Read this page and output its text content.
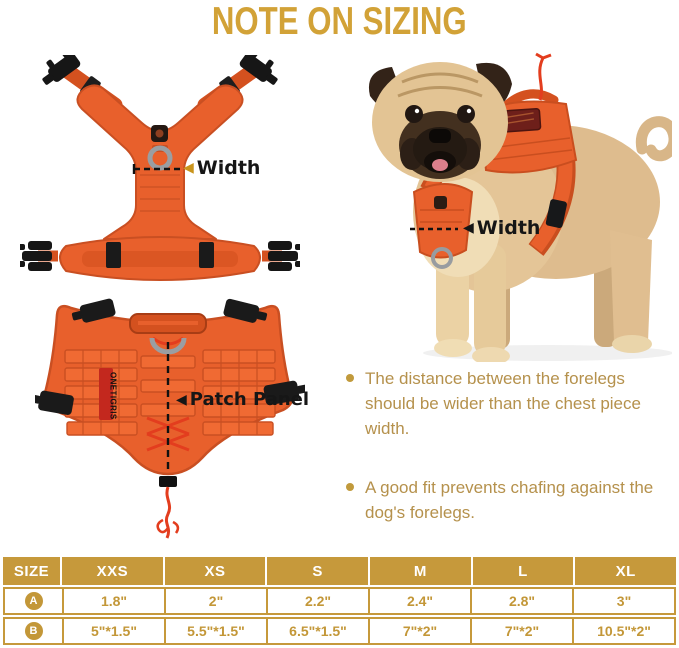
NOTE ON SIZING
ONETIGRIS
◀ Width
◀ Patch Panel
◀ Width
The distance between the forelegs should be wider than the chest piece width.
A good fit prevents chafing against the dog's forelegs.
SIZE	XXS	XS	S	M	L	XL
A	1.8"	2"	2.2"	2.4"	2.8"	3"
B	5"*1.5"	5.5"*1.5"	6.5"*1.5"	7"*2"	7"*2"	10.5"*2"
